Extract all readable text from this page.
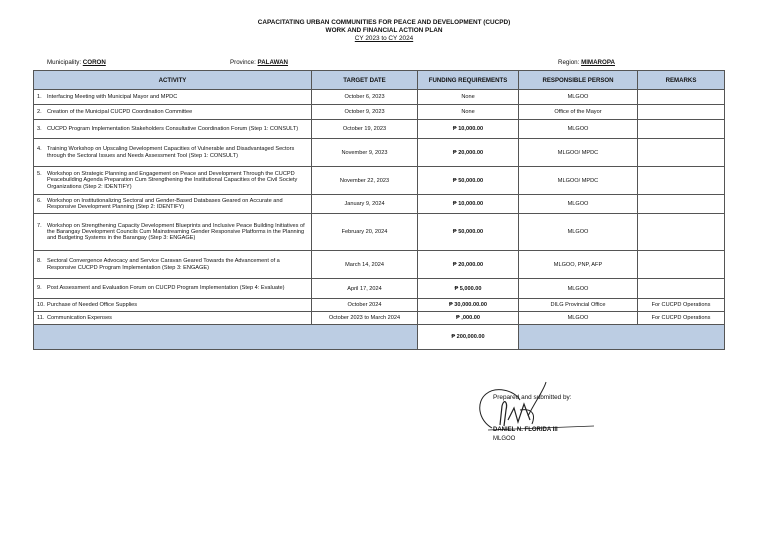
CAPACITATING URBAN COMMUNITIES FOR PEACE AND DEVELOPMENT (CUCPD)
WORK AND FINANCIAL ACTION PLAN
CY 2023 to CY 2024
Municipality: CORON	Province: PALAWAN	Region: MIMAROPA
ACTIVITY	TARGET DATE	FUNDING REQUIREMENTS	RESPONSIBLE PERSON	REMARKS
1. Interfacing Meeting with Municipal Mayor and MPDC	October 6, 2023	None	MLGOO	
2. Creation of the Municipal CUCPD Coordination Committee	October 9, 2023	None	Office of the Mayor	
3. CUCPD Program Implementation Stakeholders Consultative Coordination Forum (Step 1: CONSULT)	October 19, 2023	₱ 10,000.00	MLGOO	
4. Training Workshop on Upscaling Development Capacities of Vulnerable and Disadvantaged Sectors through the Sectoral Issues and Needs Assessment Tool (Step 1: CONSULT)	November 9, 2023	₱ 20,000.00	MLGOO/ MPDC	
5. Workshop on Strategic Planning and Engagement on Peace and Development Through the CUCPD Peacebuilding Agenda Preparation Cum Strengthening the Institutional Capacities of the Civil Society Organizations (Step 2: IDENTIFY)	November 22, 2023	₱ 50,000.00	MLGOO/ MPDC	
6. Workshop on Institutionalizing Sectoral and Gender-Based Databases Geared on Accurate and Responsive Development Planning (Step 2: IDENTIFY)	January 9, 2024	₱ 10,000.00	MLGOO	
7. Workshop on Strengthening Capacity Development Blueprints and Inclusive Peace Building Initiatives of the Barangay Development Councils Cum Mainstreaming Gender Responsive Platforms in the Planning and Budgeting Systems in the Barangay (Step 3: ENGAGE)	February 20, 2024	₱ 50,000.00	MLGOO	
8. Sectoral Convergence Advocacy and Service Caravan Geared Towards the Advancement of a Responsive CUCPD Program Implementation (Step 3: ENGAGE)	March 14, 2024	₱ 20,000.00	MLGOO, PNP, AFP	
9. Post Assessment and Evaluation Forum on CUCPD Program Implementation (Step 4: Evaluate)	April 17, 2024	₱ 5,000.00	MLGOO	
10. Purchase of Needed Office Supplies	October 2024	₱ 30,000.00.00	DILG Provincial Office	For CUCPD Operations
11. Communication Expenses	October 2023 to March 2024	₱ ,000.00	MLGOO	For CUCPD Operations
		₱ 200,000.00		
Prepared and submitted by:
DANIEL N. FLORIDA III
MLGOO
